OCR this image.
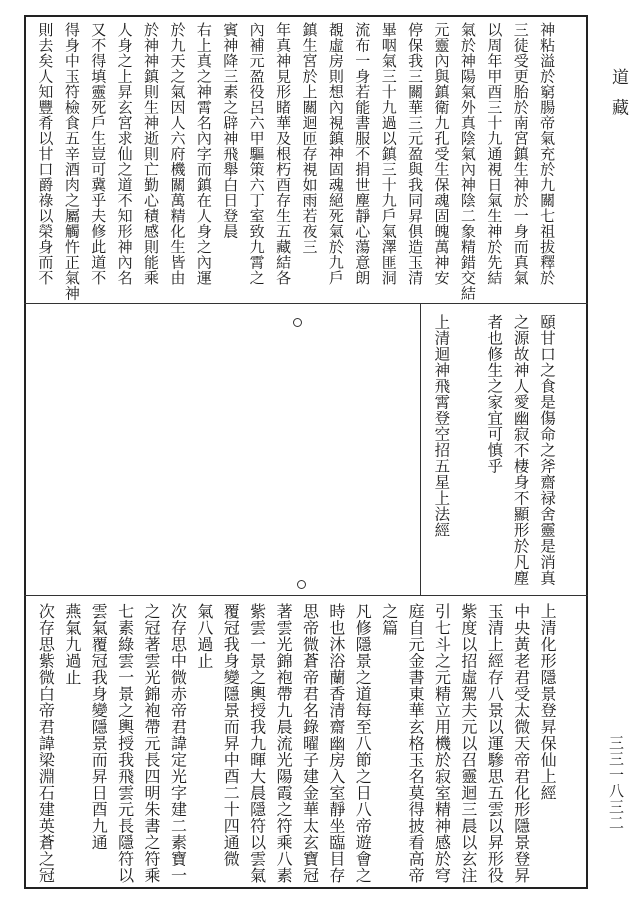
道 藏
三三一八三二
神粘溢於窮腸帝氣充於九關七祖拔釋於
三徒受更胎於南宮鎮生神於一身而真氣
以周年甲酉三十九通視日氣生神於先結
氣於神陽氣外真陰氣內神陰二象精錯交結
元靈內與鎮衛九孔受生保魂固魄萬神安
停保我三關華三元盈與我同昇俱造玉清
畢咽氣三十九過以鎮三十九戶氣澤匪洞
流布一身若能書服不捐世塵靜心蕩意朗
覩虛房則想內視鎮神固魂絕死氣於九戶
鎮生宮於上關迴匝存視如雨若夜三
年真神見形睹華及根朽酉存生五藏結各
內補元盈役呂六甲驅策六丁室致九霄之
賓神降三素之辟神飛舉白日登晨
右上真之神霄名內字而鎮在人身之內運
於九天之氣因人六府機關萬精化生皆由
於神神鎮則生神逝則亡勤心積感則能乘
人身之上昇玄宮求仙之道不知形神內名
又不得填靈死戶生豈可冀乎夫修此道不
得身中玉符檢食五辛酒肉之屬觸忤正氣神
則去矣人知豐肴以甘口爵祿以榮身而不
頤甘口之食是傷命之斧齋禄舍靈是消真
之源故神人愛幽寂不棲身不顯形於凡塵
者也修生之家宜可慎乎

上清迴神飛霄登空招五星上法經
上清化形隱景登昇保仙上經
中央黃老君受太微天帝君化形隱景登昇
玉清上經存八景以運驂思五雲以昇形役
紫度以招虛駕夫元以召靈迴三晨以玄注
引七斗之元精立用機於寂室精神感於穹
庭自元金書東華玄格玉名莫得披看高帝
之篇
凡修隱景之道每至八節之日八帝遊會之
時也沐浴蘭香清齋幽房入室靜坐臨目存
思帝微蒼帝君名錄曜子建金華太玄寶冠
著雲光錦袍帶九晨流光陽霞之符乘八素
紫雲一景之輿授我九暉大晨隱符以雲氣
覆冠我身變隱景而昇中酉二十四通微
氣八過止
次存思中微赤帝君諱定光字建二素寶一
之冠著雲光錦袍帶元長四明朱書之符乘
七素綠雲一景之輿授我飛雲元長隱符以
雲氣覆冠我身變隱景而昇日酉九通
燕氣九過止
次存思紫微白帝君諱梁淵石建英蒼之冠
